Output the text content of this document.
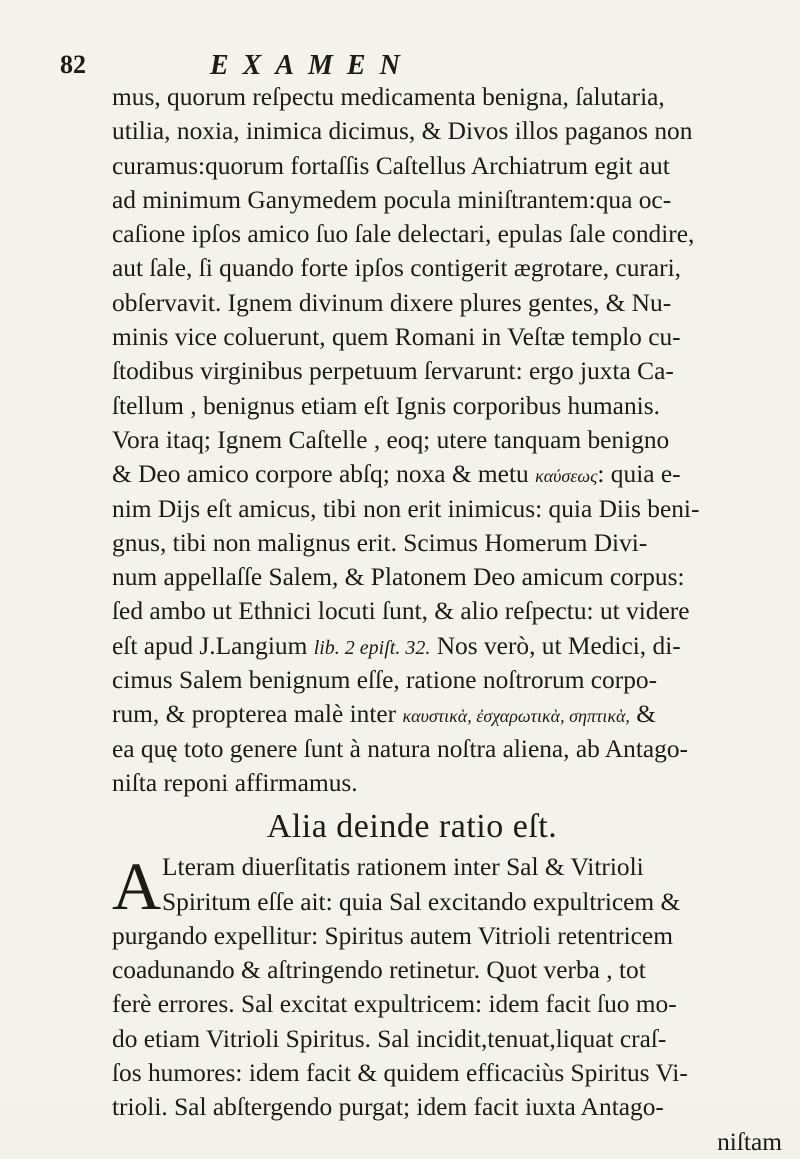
82	EXAMEN
mus, quorum reſpectu medicamenta benigna, ſalutaria,
utilia, noxia, inimica dicimus, & Divos illos paganos non
curamus:quorum fortaſſis Caſtellus Archiatrum egit aut
ad minimum Ganymedem pocula miniſtrantem:qua oc-
caſione ipſos amico ſuo ſale delectari, epulas ſale condire,
aut ſale, ſi quando forte ipſos contigerit ægrotare, curari,
obſervavit. Ignem divinum dixere plures gentes, & Nu-
minis vice coluerunt, quem Romani in Veſtæ templo cu-
ſtodibus virginibus perpetuum ſervarunt: ergo juxta Ca-
ſtellum , benignus etiam eſt Ignis corporibus humanis.
Vora itaq; Ignem Caſtelle , eoq; utere tanquam benigno
& Deo amico corpore abſq; noxa & metu καύσεως: quia e-
nim Dijs eſt amicus, tibi non erit inimicus: quia Diis beni-
gnus, tibi non malignus erit. Scimus Homerum Divi-
num appellaſſe Salem, & Platonem Deo amicum corpus:
ſed ambo ut Ethnici locuti ſunt, & alio reſpectu: ut videre
eſt apud J.Langium lib. 2 epiſt. 32. Nos verò, ut Medici, di-
cimus Salem benignum eſſe, ratione noſtrorum corpo-
rum, & propterea malè inter καυστικὰ, ἐσχαρωτικὰ, σηπτικὰ, &
ea quę toto genere ſunt à natura noſtra aliena, ab Antago-
niſta reponi affirmamus.
Alia deinde ratio eſt.
A Lteram diuerſitatis rationem inter Sal & Vitrioli
Spiritum eſſe ait: quia Sal excitando expultricem &
purgando expellitur: Spiritus autem Vitrioli retentricem
coadunando & aſtringendo retinetur. Quot verba , tot
ferè errores. Sal excitat expultricem: idem facit ſuo mo-
do etiam Vitrioli Spiritus. Sal incidit,tenuat,liquat craſ-
ſos humores: idem facit & quidem efficaciùs Spiritus Vi-
trioli. Sal abſtergendo purgat; idem facit iuxta Antago-
niſtam
